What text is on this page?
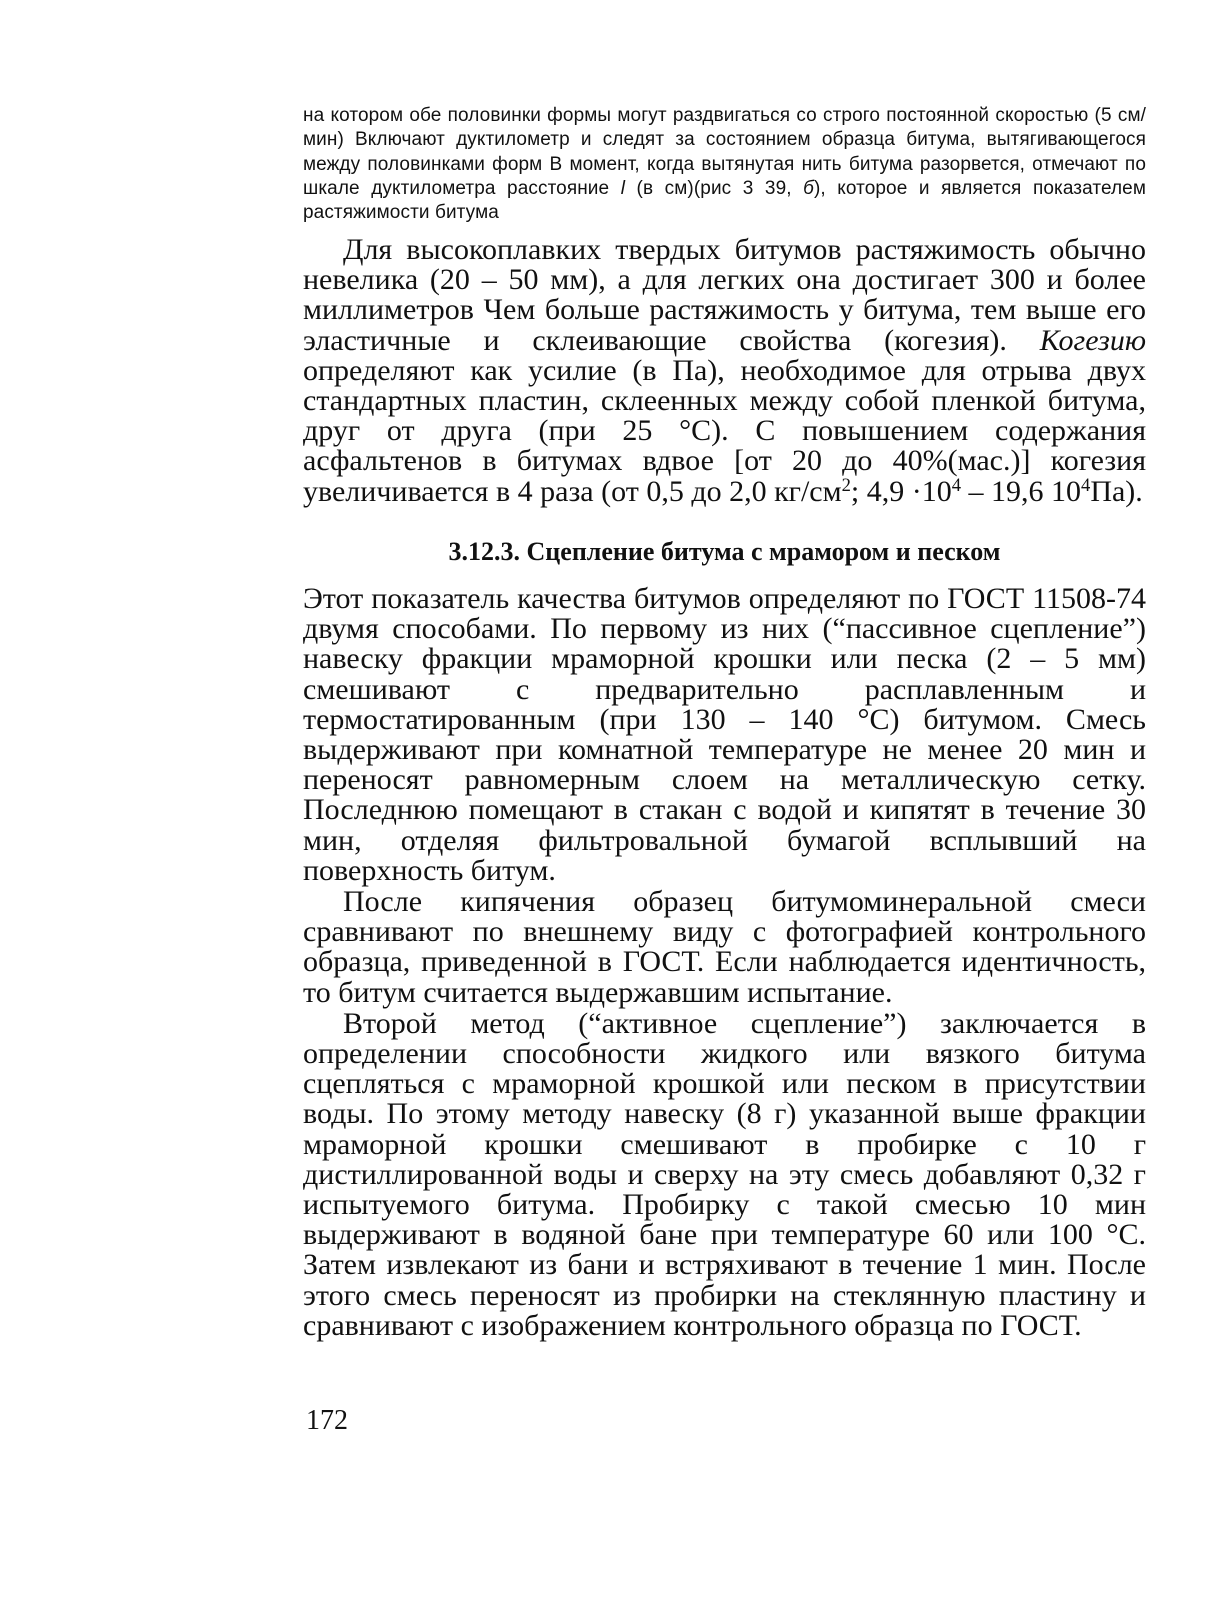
на котором обе половинки формы могут раздвигаться со строго постоянной скоростью (5 см/мин) Включают дуктилометр и следят за состоянием образца битума, вытягивающегося между половинками форм В момент, когда вытянутая нить битума разорвется, отмечают по шкале дуктилометра расстояние l (в см)(рис 3 39, б), которое и является показателем растяжимости битума

Для высокоплавких твердых битумов растяжимость обычно невелика (20 – 50 мм), а для легких она достигает 300 и более миллиметров Чем больше растяжимость у битума, тем выше его эластичные и склеивающие свойства (когезия). Когезию определяют как усилие (в Па), необходимое для отрыва двух стандартных пластин, склеенных между собой пленкой битума, друг от друга (при 25 °С). С повышением содержания асфальтенов в битумах вдвое [от 20 до 40%(мас.)] когезия увеличивается в 4 раза (от 0,5 до 2,0 $кг/см^2$; $4,9 \cdot 10^4 - 19,6$ $10^4Па$).

3.12.3. Сцепление битума с мрамором и песком

Этот показатель качества битумов определяют по ГОСТ 11508-74 двумя способами. По первому из них (“пассивное сцепление”) навеску фракции мраморной крошки или песка (2 – 5 мм) смешивают с предварительно расплавленным и термостатированным (при 130 – 140 °С) битумом. Смесь выдерживают при комнатной температуре не менее 20 мин и переносят равномерным слоем на металлическую сетку. Последнюю помещают в стакан с водой и кипятят в течение 30 мин, отделяя фильтровальной бумагой всплывший на поверхность битум.

После кипячения образец битумоминеральной смеси сравнивают по внешнему виду с фотографией контрольного образца, приведенной в ГОСТ. Если наблюдается идентичность, то битум считается выдержавшим испытание.

Второй метод (“активное сцепление”) заключается в определении способности жидкого или вязкого битума сцепляться с мраморной крошкой или песком в присутствии воды. По этому методу навеску (8 г) указанной выше фракции мраморной крошки смешивают в пробирке с 10 г дистиллированной воды и сверху на эту смесь добавляют 0,32 г испытуемого битума. Пробирку с такой смесью 10 мин выдерживают в водяной бане при температуре 60 или 100 °С. Затем извлекают из бани и встряхивают в течение 1 мин. После этого смесь переносят из пробирки на стеклянную пластину и сравнивают с изображением контрольного образца по ГОСТ.

172
